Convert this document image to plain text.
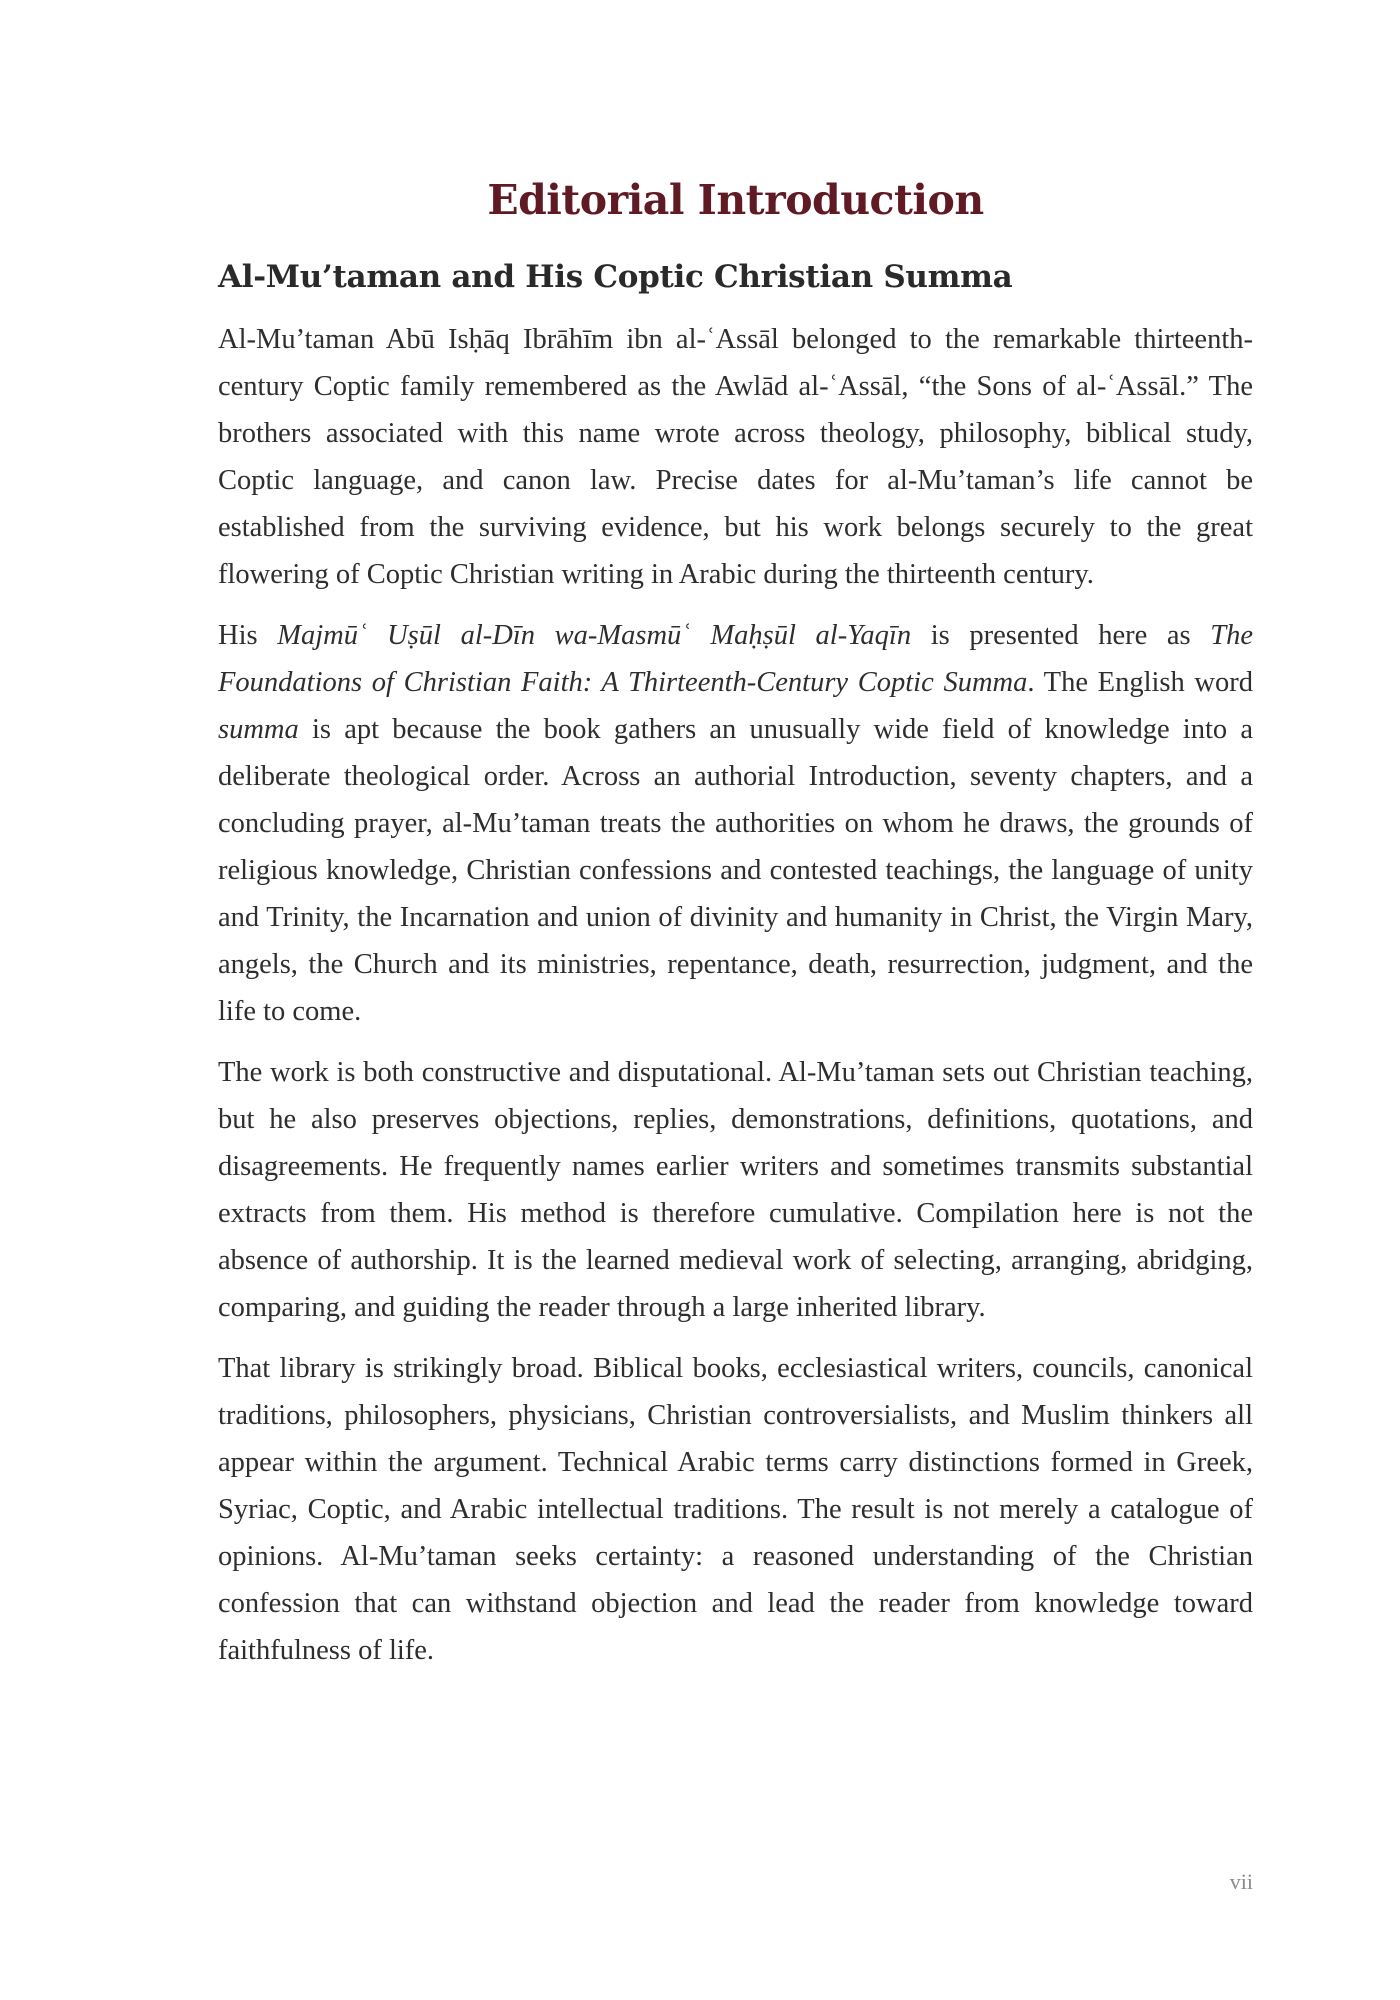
Editorial Introduction
Al-Mu’taman and His Coptic Christian Summa

Al-Mu’taman Abū Isḥāq Ibrāhīm ibn al-ʿAssāl belonged to the remarkable thirteenth-century Coptic family remembered as the Awlād al-ʿAssāl, “the Sons of al-ʿAssāl.” The brothers associated with this name wrote across theology, philosophy, biblical study, Coptic language, and canon law. Precise dates for al-Mu’taman’s life cannot be established from the surviving evidence, but his work belongs securely to the great flowering of Coptic Christian writing in Arabic during the thirteenth century.

His Majmūʿ Uṣūl al-Dīn wa-Masmūʿ Maḥṣūl al-Yaqīn is presented here as The Foundations of Christian Faith: A Thirteenth-Century Coptic Summa. The English word summa is apt because the book gathers an unusually wide field of knowledge into a deliberate theological order. Across an authorial Introduction, seventy chapters, and a concluding prayer, al-Mu’taman treats the authorities on whom he draws, the grounds of religious knowledge, Christian confessions and contested teachings, the language of unity and Trinity, the Incarnation and union of divinity and humanity in Christ, the Virgin Mary, angels, the Church and its ministries, repentance, death, resurrection, judgment, and the life to come.

The work is both constructive and disputational. Al-Mu’taman sets out Christian teaching, but he also preserves objections, replies, demonstrations, definitions, quotations, and disagreements. He frequently names earlier writers and sometimes transmits substantial extracts from them. His method is therefore cumulative. Compilation here is not the absence of authorship. It is the learned medieval work of selecting, arranging, abridging, comparing, and guiding the reader through a large inherited library.

That library is strikingly broad. Biblical books, ecclesiastical writers, councils, canonical traditions, philosophers, physicians, Christian controversialists, and Muslim thinkers all appear within the argument. Technical Arabic terms carry distinctions formed in Greek, Syriac, Coptic, and Arabic intellectual traditions. The result is not merely a catalogue of opinions. Al-Mu’taman seeks certainty: a reasoned understanding of the Christian confession that can withstand objection and lead the reader from knowledge toward faithfulness of life.

vii
